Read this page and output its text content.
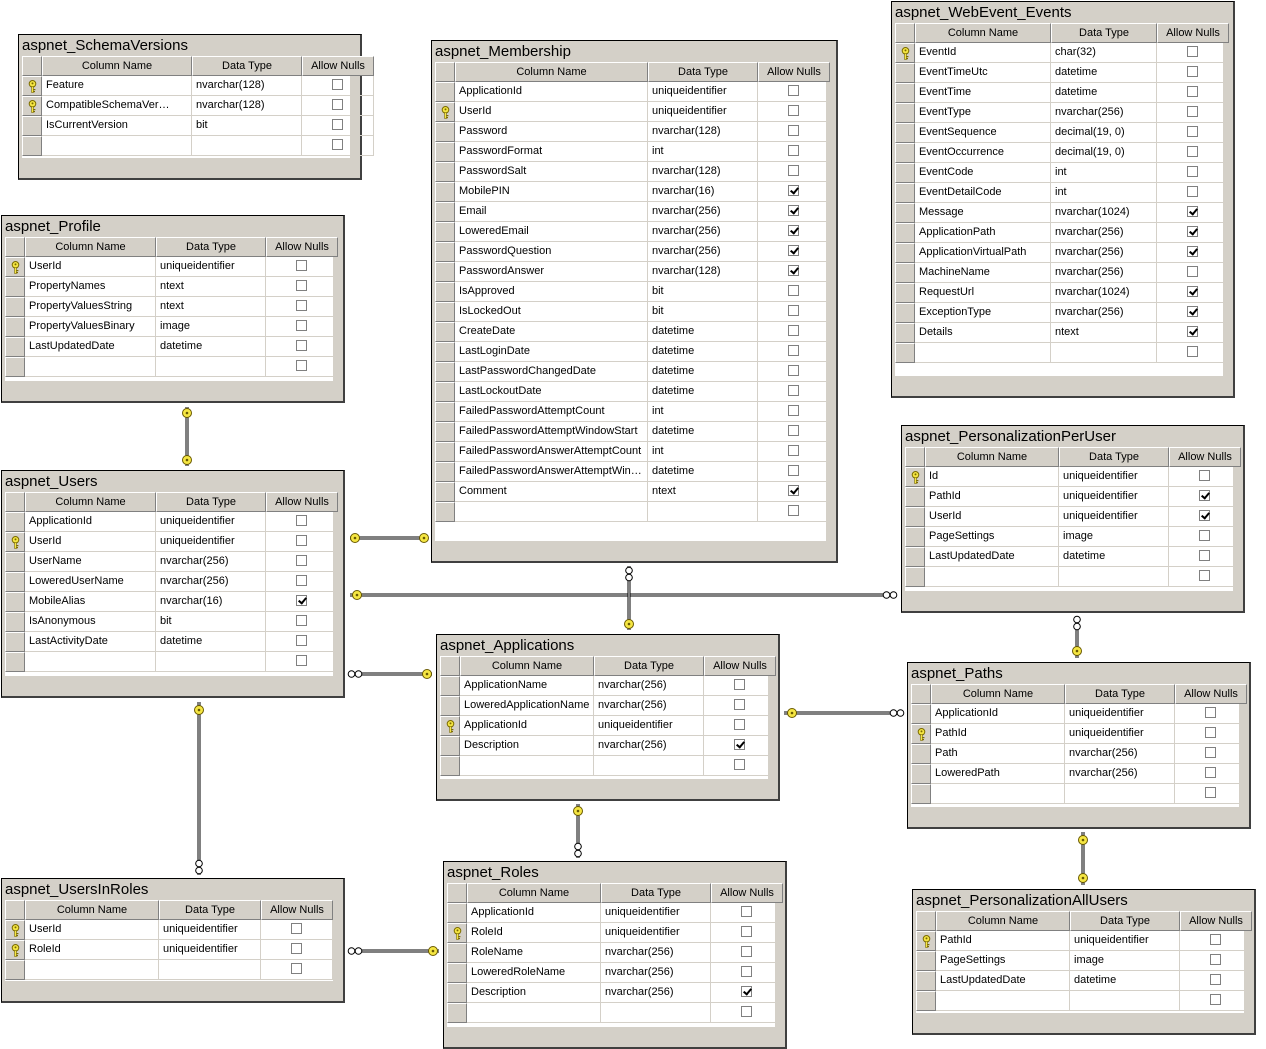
aspnet_SchemaVersions
Column Name	Data Type	Allow Nulls
Feature	nvarchar(128)
CompatibleSchemaVer…	nvarchar(128)
IsCurrentVersion	bit
aspnet_Profile
Column Name	Data Type	Allow Nulls
UserId	uniqueidentifier
PropertyNames	ntext
PropertyValuesString	ntext
PropertyValuesBinary	image
LastUpdatedDate	datetime
aspnet_Users
Column Name	Data Type	Allow Nulls
ApplicationId	uniqueidentifier
UserId	uniqueidentifier
UserName	nvarchar(256)
LoweredUserName	nvarchar(256)
MobileAlias	nvarchar(16)
IsAnonymous	bit
LastActivityDate	datetime
aspnet_UsersInRoles
Column Name	Data Type	Allow Nulls
UserId	uniqueidentifier
RoleId	uniqueidentifier
aspnet_Membership
Column Name	Data Type	Allow Nulls
ApplicationId	uniqueidentifier
UserId	uniqueidentifier
Password	nvarchar(128)
PasswordFormat	int
PasswordSalt	nvarchar(128)
MobilePIN	nvarchar(16)
Email	nvarchar(256)
LoweredEmail	nvarchar(256)
PasswordQuestion	nvarchar(256)
PasswordAnswer	nvarchar(128)
IsApproved	bit
IsLockedOut	bit
CreateDate	datetime
LastLoginDate	datetime
LastPasswordChangedDate	datetime
LastLockoutDate	datetime
FailedPasswordAttemptCount	int
FailedPasswordAttemptWindowStart	datetime
FailedPasswordAnswerAttemptCount int
FailedPasswordAnswerAttemptWin… datetime
Comment	ntext
aspnet_Applications
Column Name	Data Type	Allow Nulls
ApplicationName	nvarchar(256)
LoweredApplicationName nvarchar(256)
ApplicationId	uniqueidentifier
Description	nvarchar(256)
aspnet_Roles
Column Name	Data Type	Allow Nulls
ApplicationId	uniqueidentifier
RoleId	uniqueidentifier
RoleName	nvarchar(256)
LoweredRoleName	nvarchar(256)
Description	nvarchar(256)
aspnet_WebEvent_Events
Column Name	Data Type	Allow Nulls
EventId	char(32)
EventTimeUtc	datetime
EventTime	datetime
EventType	nvarchar(256)
EventSequence	decimal(19, 0)
EventOccurrence	decimal(19, 0)
EventCode	int
EventDetailCode	int
Message	nvarchar(1024)
ApplicationPath	nvarchar(256)
ApplicationVirtualPath	nvarchar(256)
MachineName	nvarchar(256)
RequestUrl	nvarchar(1024)
ExceptionType	nvarchar(256)
Details	ntext
aspnet_PersonalizationPerUser
Column Name	Data Type	Allow Nulls
Id	uniqueidentifier
PathId	uniqueidentifier
UserId	uniqueidentifier
PageSettings	image
LastUpdatedDate	datetime
aspnet_Paths
Column Name	Data Type	Allow Nulls
ApplicationId	uniqueidentifier
PathId	uniqueidentifier
Path	nvarchar(256)
LoweredPath	nvarchar(256)
aspnet_PersonalizationAllUsers
Column Name	Data Type	Allow Nulls
PathId	uniqueidentifier
PageSettings	image
LastUpdatedDate	datetime
